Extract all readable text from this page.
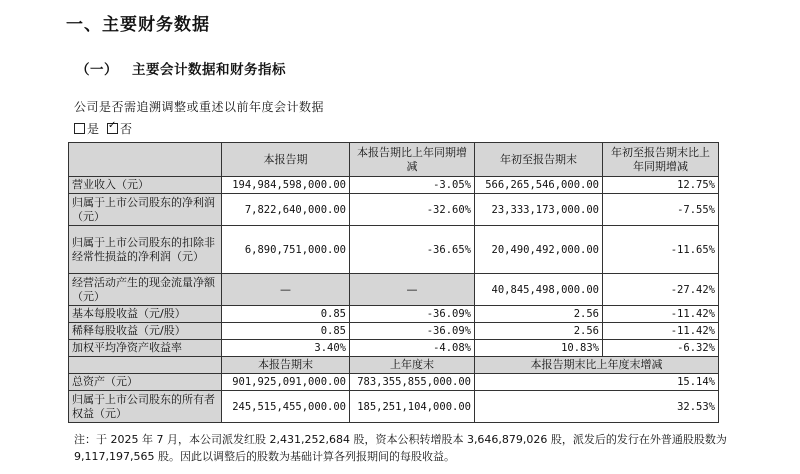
一、主要财务数据
（一） 主要会计数据和财务指标
公司是否需追溯调整或重述以前年度会计数据
是 ✓ 否
	本报告期	本报告期比上年同期增减	年初至报告期末	年初至报告期末比上年同期增减
营业收入（元）	194,984,598,000.00	-3.05%	566,265,546,000.00	12.75%
归属于上市公司股东的净利润（元）	7,822,640,000.00	-32.60%	23,333,173,000.00	-7.55%
归属于上市公司股东的扣除非经常性损益的净利润（元）	6,890,751,000.00	-36.65%	20,490,492,000.00	-11.65%
经营活动产生的现金流量净额（元）	—	—	40,845,498,000.00	-27.42%
基本每股收益（元/股）	0.85	-36.09%	2.56	-11.42%
稀释每股收益（元/股）	0.85	-36.09%	2.56	-11.42%
加权平均净资产收益率	3.40%	-4.08%	10.83%	-6.32%
	本报告期末	上年度末	本报告期末比上年度末增减	
总资产（元）	901,925,091,000.00	783,355,855,000.00	15.14%	
归属于上市公司股东的所有者权益（元）	245,515,455,000.00	185,251,104,000.00	32.53%	
注：于 2025 年 7 月，本公司派发红股 2,431,252,684 股，资本公积转增股本 3,646,879,026 股，派发后的发行在外普通股股数为 9,117,197,565 股。因此以调整后的股数为基础计算各列报期间的每股收益。
